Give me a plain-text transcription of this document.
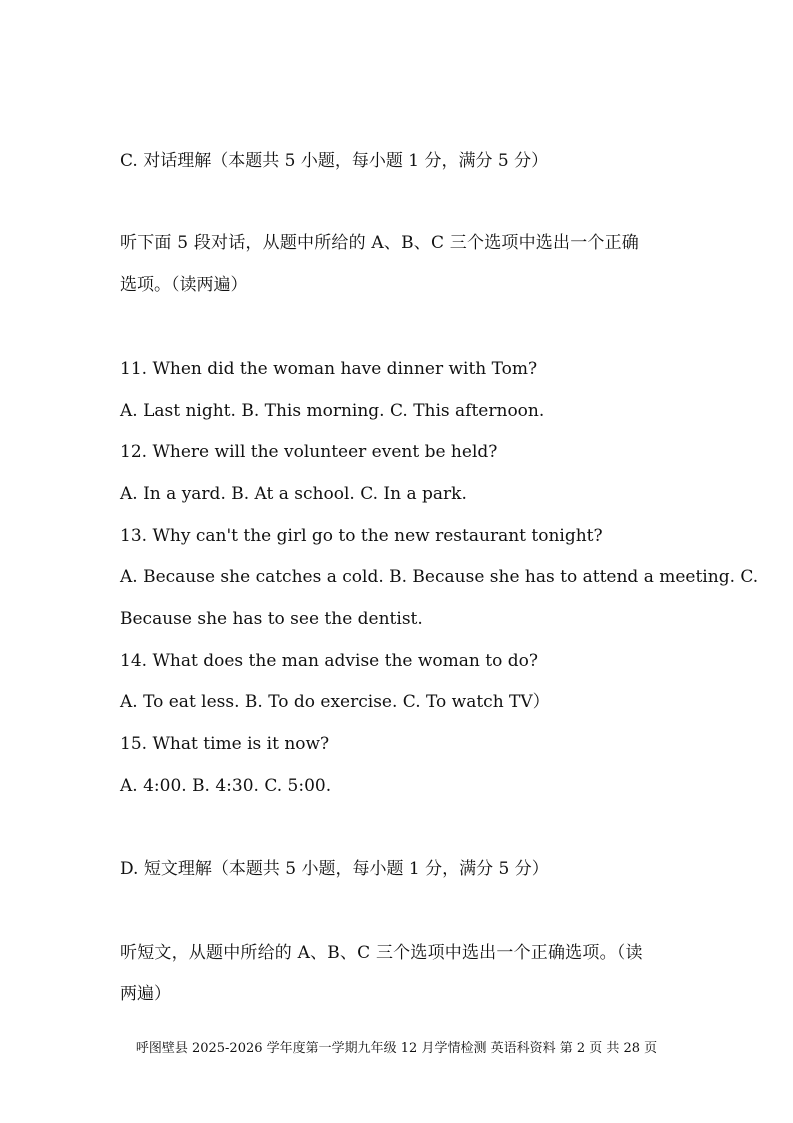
C. 对话理解（本题共 5 小题，每小题 1 分，满分 5 分）
听下面 5 段对话，从题中所给的 A、B、C 三个选项中选出一个正确
选项。（读两遍）
11. When did the woman have dinner with Tom?
A. Last night. B. This morning. C. This afternoon.
12. Where will the volunteer event be held?
A. In a yard. B. At a school. C. In a park.
13. Why can't the girl go to the new restaurant tonight?
A. Because she catches a cold. B. Because she has to attend a meeting. C.
Because she has to see the dentist.
14. What does the man advise the woman to do?
A. To eat less. B. To do exercise. C. To watch TV）
15. What time is it now?
A. 4:00. B. 4:30. C. 5:00.
D. 短文理解（本题共 5 小题，每小题 1 分，满分 5 分）
听短文，从题中所给的 A、B、C 三个选项中选出一个正确选项。（读
两遍）
呼图壁县 2025-2026 学年度第一学期九年级 12 月学情检测 英语科资料 第 2 页 共 28 页
